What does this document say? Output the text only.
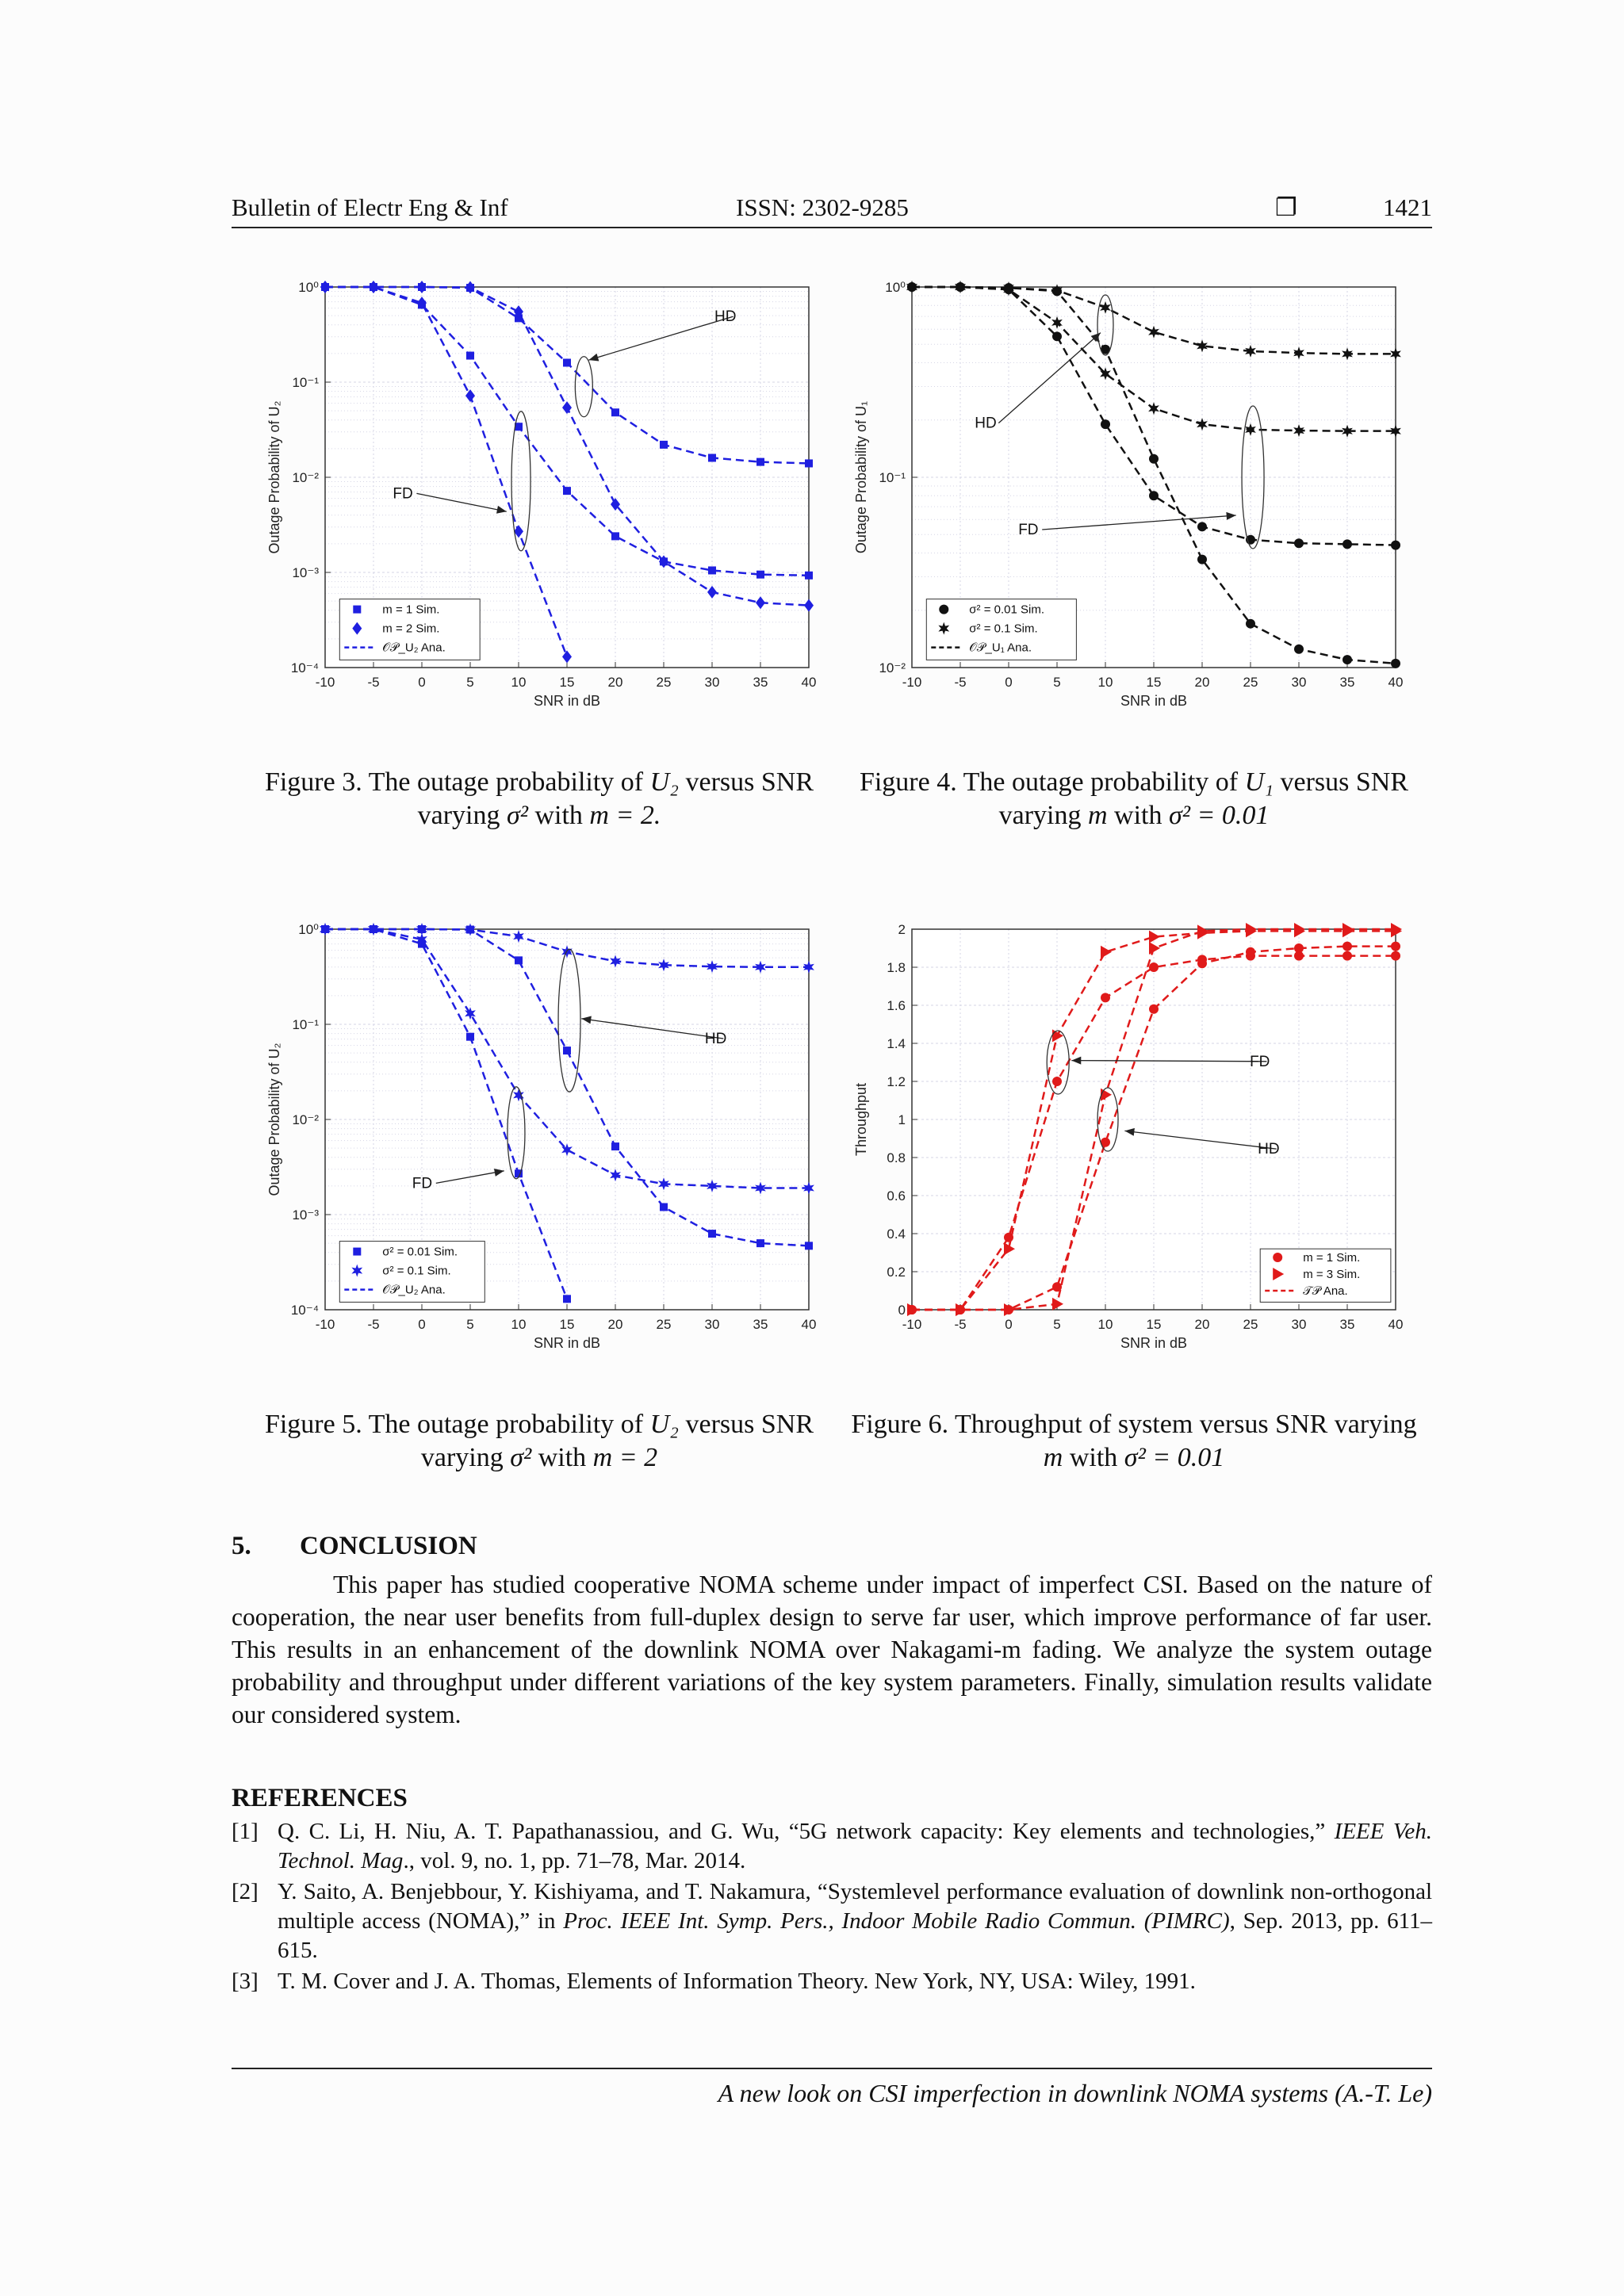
Bulletin of Electr Eng & Inf	ISSN: 2302-9285	❐	1421
-10 -5	0	5	10 15 20 25 30 35 40
10⁰
10⁻¹
10⁻²
10⁻³
10⁻⁴
SNR in dB
Outage Probability of U₂
HD
FD
m = 1 Sim.
m = 2 Sim.
𝒪𝒫_U₂ Ana.
-10 -5	0	5	10 15 20 25 30 35 40
10⁰
10⁻¹
10⁻²
SNR in dB
Outage Probability of U₁	HD
FD
σ² = 0.01 Sim.
σ² = 0.1 Sim.
𝒪𝒫_U₁ Ana.
-10 -5	0	5	10 15 20 25 30 35 40
10⁰
10⁻¹
10⁻²
10⁻³
10⁻⁴
SNR in dB
Outage Probability of U₂
HD
FD
σ² = 0.01 Sim.
σ² = 0.1 Sim.
𝒪𝒫_U₂ Ana.
-10 -5	0	5	10 15 20 25 30 35 40
0
0.2
0.4
0.6
0.8
1
1.2
1.4
1.6
1.8
2
SNR in dB
Throughput
FD
HD
m = 1 Sim.
m = 3 Sim.
𝒯𝒫 Ana.
Figure 3. The outage probability of U₂ versus SNR
varying σ² with m = 2.
Figure 4. The outage probability of U₁ versus SNR
varying m with σ² = 0.01
Figure 5. The outage probability of U₂ versus SNR
varying σ² with m = 2
Figure 6. Throughput of system versus SNR varying
m with σ² = 0.01
5. CONCLUSION
This paper has studied cooperative NOMA scheme under impact of imperfect CSI. Based on the nature of cooperation, the near user benefits from full-duplex design to serve far user, which improve performance of far user. This results in an enhancement of the downlink NOMA over Nakagami-m fading. We analyze the system outage probability and throughput under different variations of the key system parameters. Finally, simulation results validate our considered system.
REFERENCES
[1] Q. C. Li, H. Niu, A. T. Papathanassiou, and G. Wu, “5G network capacity: Key elements and technologies,” IEEE Veh. Technol. Mag., vol. 9, no. 1, pp. 71–78, Mar. 2014.
[2] Y. Saito, A. Benjebbour, Y. Kishiyama, and T. Nakamura, “Systemlevel performance evaluation of downlink non-orthogonal multiple access (NOMA),” in Proc. IEEE Int. Symp. Pers., Indoor Mobile Radio Commun. (PIMRC), Sep. 2013, pp. 611–615.
[3] T. M. Cover and J. A. Thomas, Elements of Information Theory. New York, NY, USA: Wiley, 1991.
A new look on CSI imperfection in downlink NOMA systems (A.-T. Le)
